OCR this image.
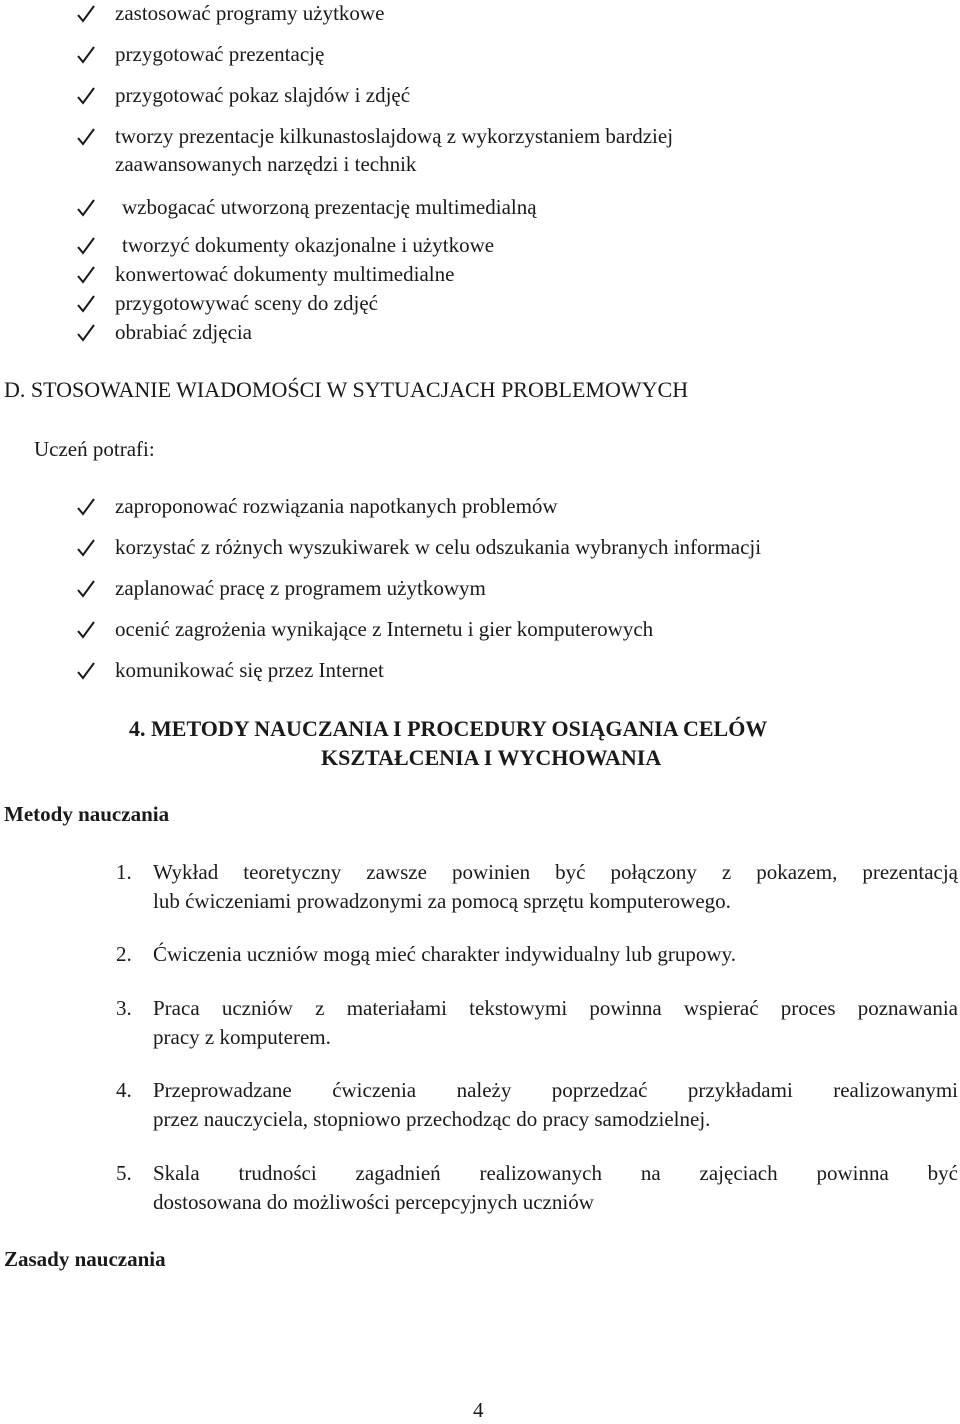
zastosować programy użytkowe
przygotować prezentację
przygotować pokaz slajdów i zdjęć
tworzy prezentacje kilkunastoslajdową z wykorzystaniem bardziej
zaawansowanych narzędzi i technik
wzbogacać utworzoną prezentację multimedialną
tworzyć dokumenty okazjonalne i użytkowe
konwertować dokumenty multimedialne
przygotowywać sceny do zdjęć
obrabiać zdjęcia
D. STOSOWANIE WIADOMOŚCI W SYTUACJACH PROBLEMOWYCH
Uczeń potrafi:
zaproponować rozwiązania napotkanych problemów
korzystać z różnych wyszukiwarek w celu odszukania wybranych informacji
zaplanować pracę z programem użytkowym
ocenić zagrożenia wynikające z Internetu i gier komputerowych
komunikować się przez Internet
4. METODY NAUCZANIA I PROCEDURY OSIĄGANIA CELÓW
KSZTAŁCENIA I WYCHOWANIA
Metody nauczania
1. Wykład teoretyczny zawsze powinien być połączony z pokazem, prezentacją
lub ćwiczeniami prowadzonymi za pomocą sprzętu komputerowego.
2. Ćwiczenia uczniów mogą mieć charakter indywidualny lub grupowy.
3. Praca uczniów z materiałami tekstowymi powinna wspierać proces poznawania
pracy z komputerem.
4. Przeprowadzane ćwiczenia należy poprzedzać przykładami realizowanymi
przez nauczyciela, stopniowo przechodząc do pracy samodzielnej.
5. Skala trudności zagadnień realizowanych na zajęciach powinna być
dostosowana do możliwości percepcyjnych uczniów
Zasady nauczania
4
